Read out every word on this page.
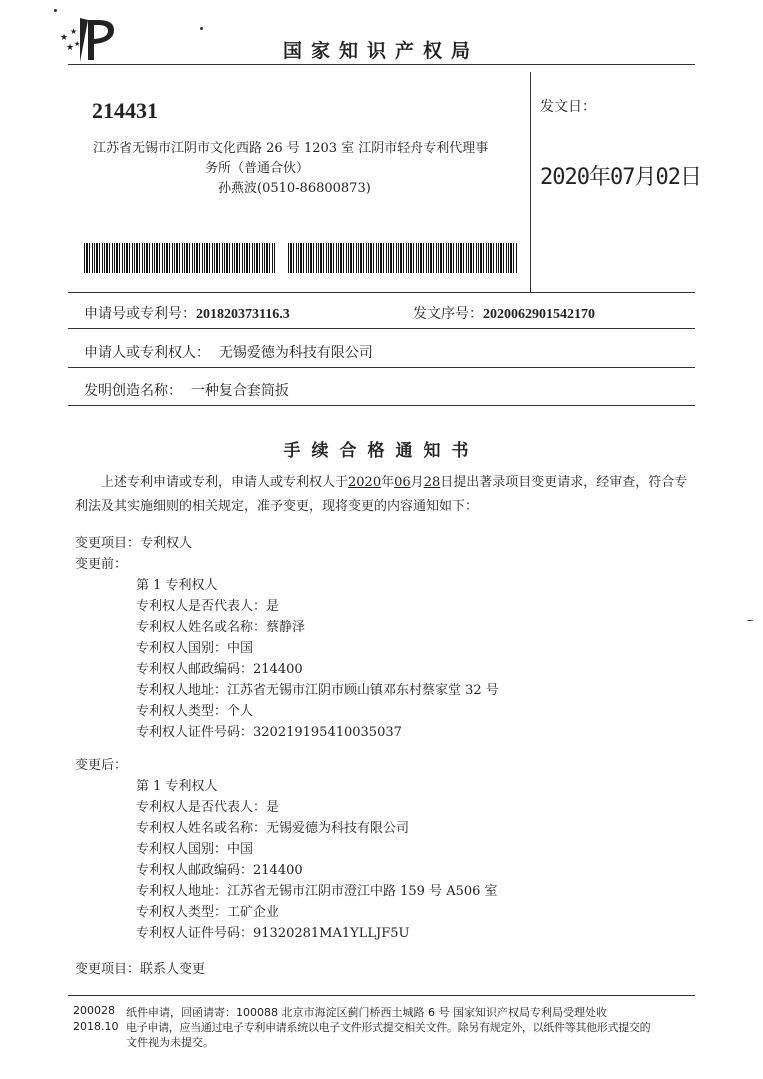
★
★
★ ★	国家知识产权局
214431
江苏省无锡市江阴市文化西路 26 号 1203 室 江阴市轻舟专利代理事
务所（普通合伙）
孙燕波(0510-86800873)
发文日：
2020年07月02日
申请号或专利号：201820373116.3	发文序号：2020062901542170
申请人或专利权人： 无锡爱德为科技有限公司
发明创造名称： 一种复合套筒扳
手续合格通知书
上述专利申请或专利，申请人或专利权人于2020年06月28日提出著录项目变更请求，经审查，符合专利法及其实施细则的相关规定，准予变更，现将变更的内容通知如下：
变更项目：专利权人
变更前：
第 1 专利权人
专利权人是否代表人：是
专利权人姓名或名称：蔡静泽
专利权人国别：中国
专利权人邮政编码：214400
专利权人地址：江苏省无锡市江阴市顾山镇邓东村蔡家堂 32 号
专利权人类型：个人
专利权人证件号码：320219195410035037
变更后：
第 1 专利权人
专利权人是否代表人：是
专利权人姓名或名称：无锡爱德为科技有限公司
专利权人国别：中国
专利权人邮政编码：214400
专利权人地址：江苏省无锡市江阴市澄江中路 159 号 A506 室
专利权人类型：工矿企业
专利权人证件号码：91320281MA1YLLJF5U
变更项目：联系人变更
200028
2018.10
纸件申请，回函请寄：100088 北京市海淀区蓟门桥西土城路 6 号 国家知识产权局专利局受理处收
电子申请，应当通过电子专利申请系统以电子文件形式提交相关文件。除另有规定外，以纸件等其他形式提交的
文件视为未提交。
